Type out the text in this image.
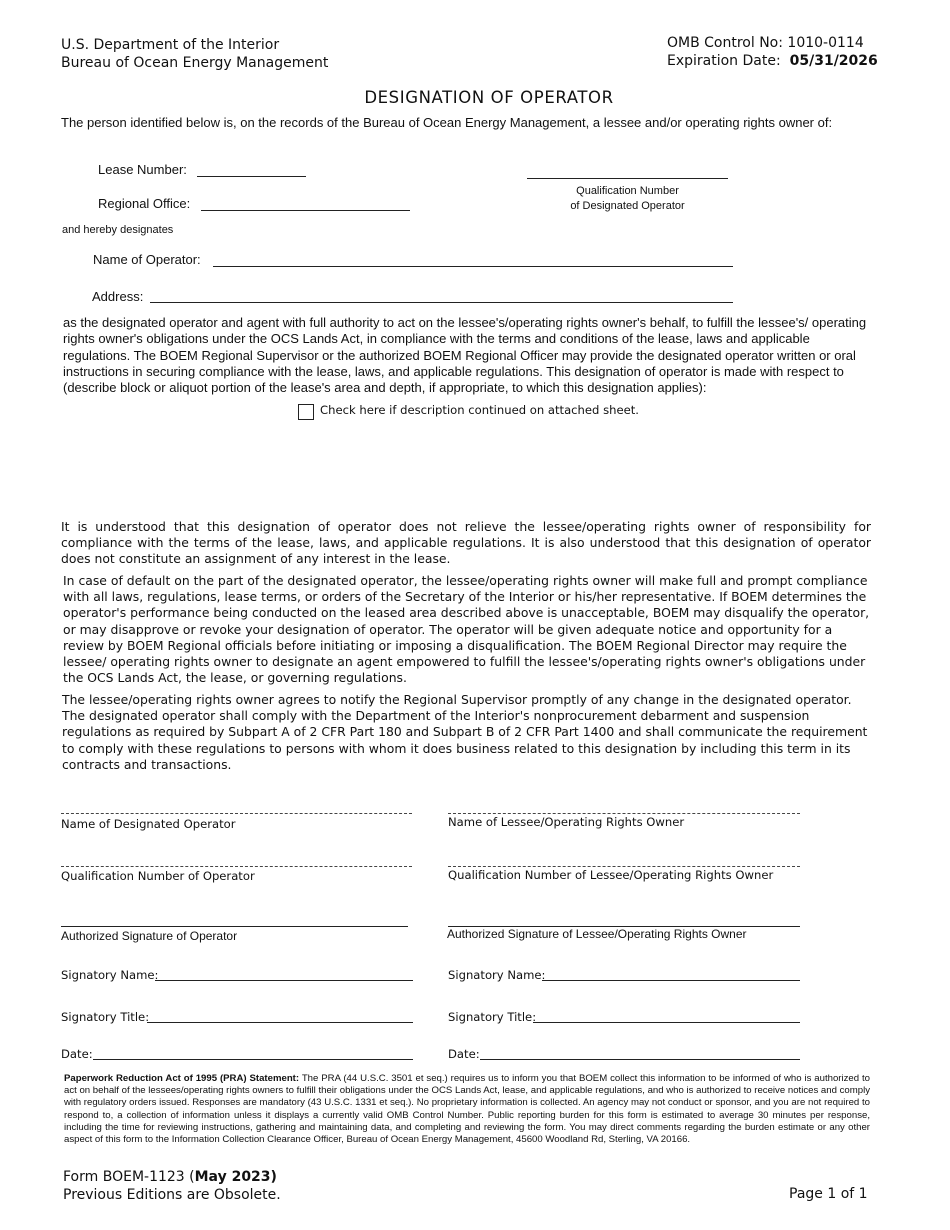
U.S. Department of the Interior
Bureau of Ocean Energy Management
OMB Control No: 1010-0114
Expiration Date: 05/31/2026
DESIGNATION OF OPERATOR
The person identified below is, on the records of the Bureau of Ocean Energy Management, a lessee and/or operating rights owner of:
Lease Number:
Qualification Number
of Designated Operator
Regional Office:
and hereby designates
Name of Operator:
Address:
as the designated operator and agent with full authority to act on the lessee's/operating rights owner's behalf, to fulfill the lessee's/ operating rights owner's obligations under the OCS Lands Act, in compliance with the terms and conditions of the lease, laws and applicable regulations. The BOEM Regional Supervisor or the authorized BOEM Regional Officer may provide the designated operator written or oral instructions in securing compliance with the lease, laws, and applicable regulations. This designation of operator is made with respect to (describe block or aliquot portion of the lease's area and depth, if appropriate, to which this designation applies):
Check here if description continued on attached sheet.
It is understood that this designation of operator does not relieve the lessee/operating rights owner of responsibility for compliance with the terms of the lease, laws, and applicable regulations. It is also understood that this designation of operator does not constitute an assignment of any interest in the lease.
In case of default on the part of the designated operator, the lessee/operating rights owner will make full and prompt compliance with all laws, regulations, lease terms, or orders of the Secretary of the Interior or his/her representative. If BOEM determines the operator's performance being conducted on the leased area described above is unacceptable, BOEM may disqualify the operator, or may disapprove or revoke your designation of operator. The operator will be given adequate notice and opportunity for a review by BOEM Regional officials before initiating or imposing a disqualification. The BOEM Regional Director may require the lessee/ operating rights owner to designate an agent empowered to fulfill the lessee's/operating rights owner's obligations under the OCS Lands Act, the lease, or governing regulations.
The lessee/operating rights owner agrees to notify the Regional Supervisor promptly of any change in the designated operator. The designated operator shall comply with the Department of the Interior's nonprocurement debarment and suspension regulations as required by Subpart A of 2 CFR Part 180 and Subpart B of 2 CFR Part 1400 and shall communicate the requirement to comply with these regulations to persons with whom it does business related to this designation by including this term in its contracts and transactions.
Name of Designated Operator
Qualification Number of Operator
Authorized Signature of Operator
Signatory Name:
Signatory Title:
Date:
Name of Lessee/Operating Rights Owner
Qualification Number of Lessee/Operating Rights Owner
Authorized Signature of Lessee/Operating Rights Owner
Signatory Name:
Signatory Title:
Date:
Paperwork Reduction Act of 1995 (PRA) Statement: The PRA (44 U.S.C. 3501 et seq.) requires us to inform you that BOEM collect this information to be informed of who is authorized to act on behalf of the lessees/operating rights owners to fulfill their obligations under the OCS Lands Act, lease, and applicable regulations, and who is authorized to receive notices and comply with regulatory orders issued. Responses are mandatory (43 U.S.C. 1331 et seq.). No proprietary information is collected. An agency may not conduct or sponsor, and you are not required to respond to, a collection of information unless it displays a currently valid OMB Control Number. Public reporting burden for this form is estimated to average 30 minutes per response, including the time for reviewing instructions, gathering and maintaining data, and completing and reviewing the form. You may direct comments regarding the burden estimate or any other aspect of this form to the Information Collection Clearance Officer, Bureau of Ocean Energy Management, 45600 Woodland Rd, Sterling, VA 20166.
Form BOEM-1123 (May 2023)
Previous Editions are Obsolete.	Page 1 of 1
